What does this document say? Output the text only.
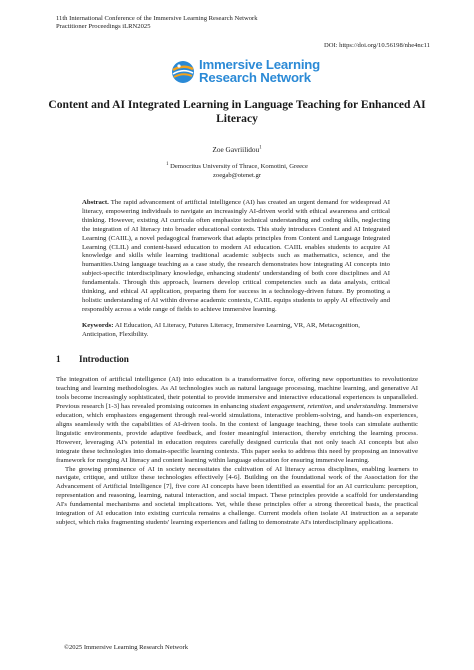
11th International Conference of the Immersive Learning Research Network
Practitioner Proceedings iLRN2025
DOI: https://doi.org/10.56198/nhe4nc11
Immersive Learning
Research Network
Content and AI Integrated Learning in Language Teaching for Enhanced AI Literacy
Zoe Gavriilidou$^1$
$^1$ Democritus University of Thrace, Komotini, Greece
zoegab@otenet.gr
Abstract. The rapid advancement of artificial intelligence (AI) has created an urgent demand for widespread AI literacy, empowering individuals to navigate an increasingly AI-driven world with ethical awareness and critical thinking. However, existing AI curricula often emphasize technical understanding and coding skills, neglecting the integration of AI literacy into broader educational contexts. This study introduces Content and AI Integrated Learning (CAIIL), a novel pedagogical framework that adapts principles from Content and Language Integrated Learning (CLIL) and content-based education to modern AI education. CAIIL enables students to acquire AI knowledge and skills while learning traditional academic subjects such as mathematics, science, and the humanities.Using language teaching as a case study, the research demonstrates how integrating AI concepts into subject-specific interdisciplinary knowledge, enhancing students' understanding of both core disciplines and AI fundamentals. Through this approach, learners develop critical competencies such as data analysis, critical thinking, and ethical AI application, preparing them for success in a technology-driven future. By promoting a holistic understanding of AI within diverse academic contexts, CAIIL equips students to apply AI effectively and responsibly across a wide range of fields to achieve immersive learning.
Keywords: AI Education, AI Literacy, Futures Literacy, Immersive Learning, VR, AR, Metacognition, Anticipation, Flexibility.
1 Introduction

The integration of artificial intelligence (AI) into education is a transformative force, offering new opportunities to revolutionize teaching and learning methodologies. As AI technologies such as natural language processing, machine learning, and generative AI tools become increasingly sophisticated, their potential to provide immersive and interactive educational experiences is unparalleled. Previous research [1-3] has revealed promising outcomes in enhancing student engagement, retention, and understanding. Immersive education, which emphasizes engagement through real-world simulations, interactive problem-solving, and hands-on experiences, aligns seamlessly with the capabilities of AI-driven tools. In the context of language teaching, these tools can simulate authentic linguistic environments, provide adaptive feedback, and foster meaningful interaction, thereby enriching the learning process. However, leveraging AI's potential in education requires carefully designed curricula that not only teach AI concepts but also integrate these technologies into domain-specific learning contexts. This paper seeks to address this need by proposing an innovative framework for merging AI literacy and content learning within language education for ensuring immersive learning.

The growing prominence of AI in society necessitates the cultivation of AI literacy across disciplines, enabling learners to navigate, critique, and utilize these technologies effectively [4-6]. Building on the foundational work of the Association for the Advancement of Artificial Intelligence [7], five core AI concepts have been identified as essential for an AI curriculum: perception, representation and reasoning, learning, natural interaction, and social impact. These principles provide a scaffold for understanding AI's fundamental mechanisms and societal implications. Yet, while these principles offer a strong theoretical basis, the practical integration of AI education into existing curricula remains a challenge. Current models often isolate AI instruction as a separate subject, which risks fragmenting students' learning experiences and failing to demonstrate AI's interdisciplinary applications.

©2025 Immersive Learning Research Network
